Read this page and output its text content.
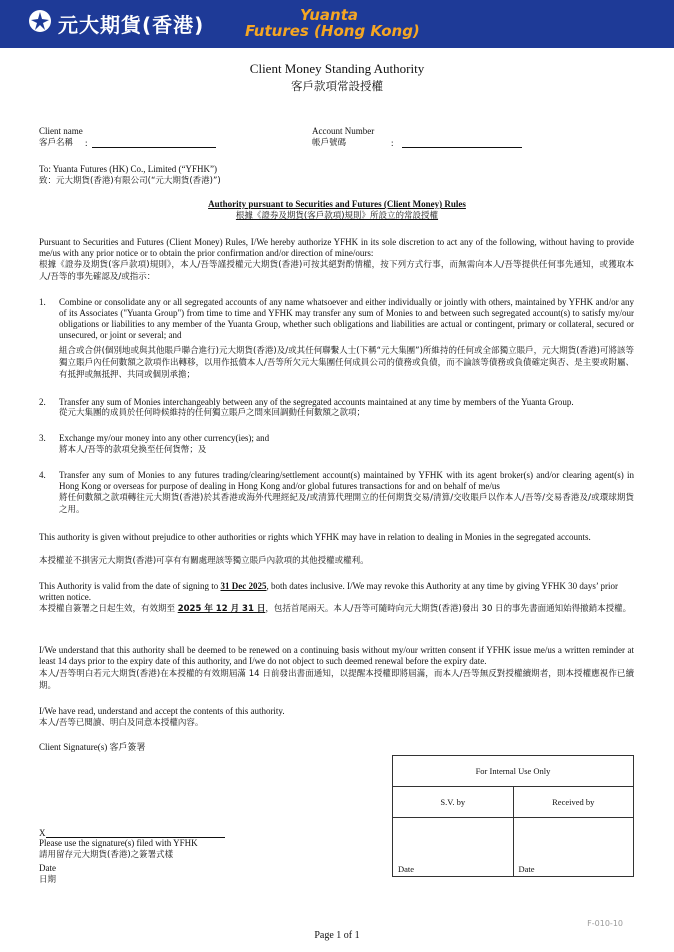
元大期貨(香港)	Yuanta
Futures (Hong Kong)
Client Money Standing Authority
客戶款項常設授權
Client name
客戶名稱 :
Account Number
帳戶號碼	:
To: Yuanta Futures (HK) Co., Limited (“YFHK”)
致：元大期貨(香港)有限公司(“元大期貨(香港)”)
Authority pursuant to Securities and Futures (Client Money) Rules
根據《證券及期貨(客戶款項)規則》所設立的常設授權
Pursuant to Securities and Futures (Client Money) Rules, I/We hereby authorize YFHK in its sole discretion to act any of the following, without having to provide me/us with any prior notice or to obtain the prior confirmation and/or direction of mine/ours:
根據《證券及期貨(客戶款項)規則》，本人/吾等謹授權元大期貨(香港)可按其絕對酌情權，按下列方式行事，而無需向本人/吾等提供任何事先通知，或獲取本人/吾等的事先確認及/或指示：
1.	Combine or consolidate any or all segregated accounts of any name whatsoever and either individually or jointly with others, maintained by YFHK and/or any of its Associates ("Yuanta Group") from time to time and YFHK may transfer any sum of Monies to and between such segregated account(s) to satisfy my/our obligations or liabilities to any member of the Yuanta Group, whether such obligations and liabilities are actual or contingent, primary or collateral, secured or unsecured, or joint or several; and
組合或合併(個別地或與其他賬戶聯合進行)元大期貨(香港)及/或其任何聯繫人士(下稱“元大集團”)所維持的任何或全部獨立賬戶，元大期貨(香港)可將該等獨立賬戶內任何數額之款項作出轉移，以用作抵償本人/吾等所欠元大集團任何成員公司的債務或負債，而不論該等債務或負債確定與否、是主要或附屬、有抵押或無抵押、共同或個別承擔；
2.	Transfer any sum of Monies interchangeably between any of the segregated accounts maintained at any time by members of the Yuanta Group.
從元大集團的成員於任何時候維持的任何獨立賬戶之間來回調動任何數額之款項；
3.	Exchange my/our money into any other currency(ies); and
將本人/吾等的款項兌換至任何貨幣；及
4.	Transfer any sum of Monies to any futures trading/clearing/settlement account(s) maintained by YFHK with its agent broker(s) and/or clearing agent(s) in Hong Kong or overseas for purpose of dealing in Hong Kong and/or global futures transactions for and on behalf of me/us
將任何數額之款項轉往元大期貨(香港)於其香港或海外代理經紀及/或清算代理開立的任何期貨交易/清算/交收賬戶以作本人/吾等/交易香港及/或環球期貨之用。
This authority is given without prejudice to other authorities or rights which YFHK may have in relation to dealing in Monies in the segregated accounts.
本授權並不損害元大期貨(香港)可享有有關處理該等獨立賬戶內款項的其他授權或權利。
This Authority is valid from the date of signing to 31 Dec 2025, both dates inclusive. I/We may revoke this Authority at any time by giving YFHK 30 days’ prior written notice.
本授權自簽署之日起生效，有效期至 2025 年 12 月 31 日，包括首尾兩天。本人/吾等可隨時向元大期貨(香港)發出 30 日的事先書面通知始得撤銷本授權。
I/We understand that this authority shall be deemed to be renewed on a continuing basis without my/our written consent if YFHK issue me/us a written reminder at least 14 days prior to the expiry date of this authority, and I/we do not object to such deemed renewal before the expiry date.
本人/吾等明白若元大期貨(香港)在本授權的有效期屆滿 14 日前發出書面通知，以提醒本授權即將屆滿，而本人/吾等無反對授權續期者，則本授權應視作已續期。
I/We have read, understand and accept the contents of this authority.
本人/吾等已閱讀、明白及同意本授權內容。
Client Signature(s) 客戶簽署
X
Please use the signature(s) filed with YFHK
請用留存元大期貨(香港)之簽署式樣
Date
日期
For Internal Use Only	
S.V. by	Received by
Date	Date
F-010-10
Page 1 of 1
